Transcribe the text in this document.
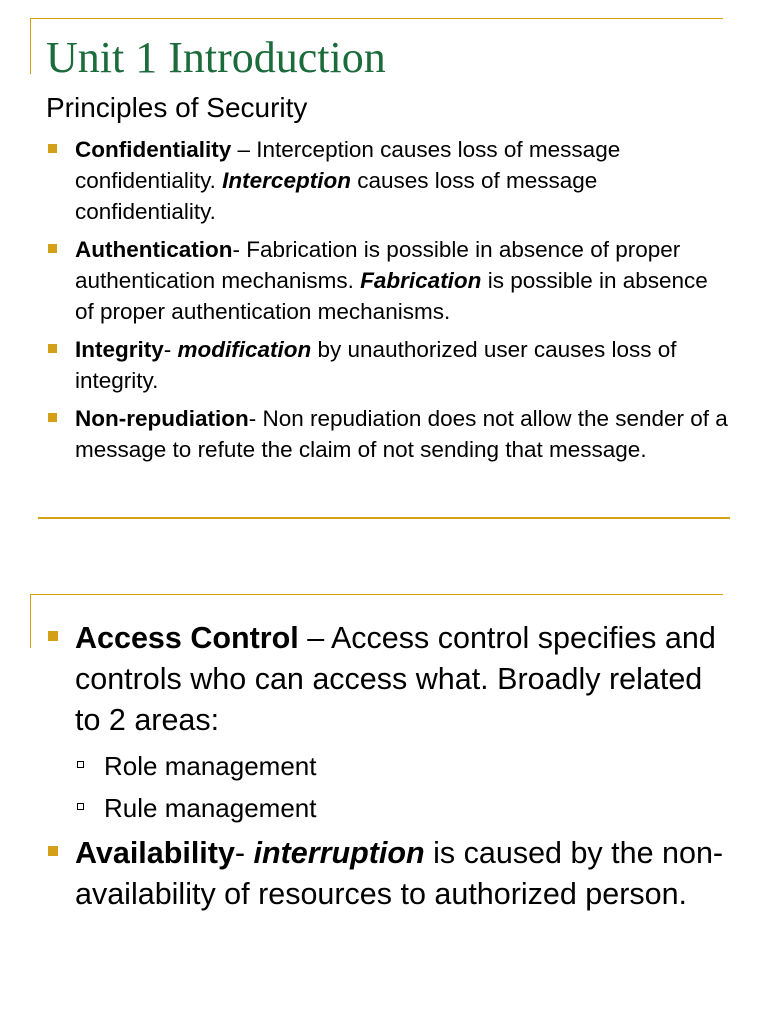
Unit 1 Introduction

Principles of Security

Confidentiality – Interception causes loss of message confidentiality. Interception causes loss of message confidentiality.
Authentication- Fabrication is possible in absence of proper authentication mechanisms. Fabrication is possible in absence of proper authentication mechanisms.
Integrity- modification by unauthorized user causes loss of integrity.
Non-repudiation- Non repudiation does not allow the sender of a message to refute the claim of not sending that message.
Access Control – Access control specifies and controls who can access what. Broadly related to 2 areas:
Role management
Rule management
Availability- interruption is caused by the non- availability of resources to authorized person.
